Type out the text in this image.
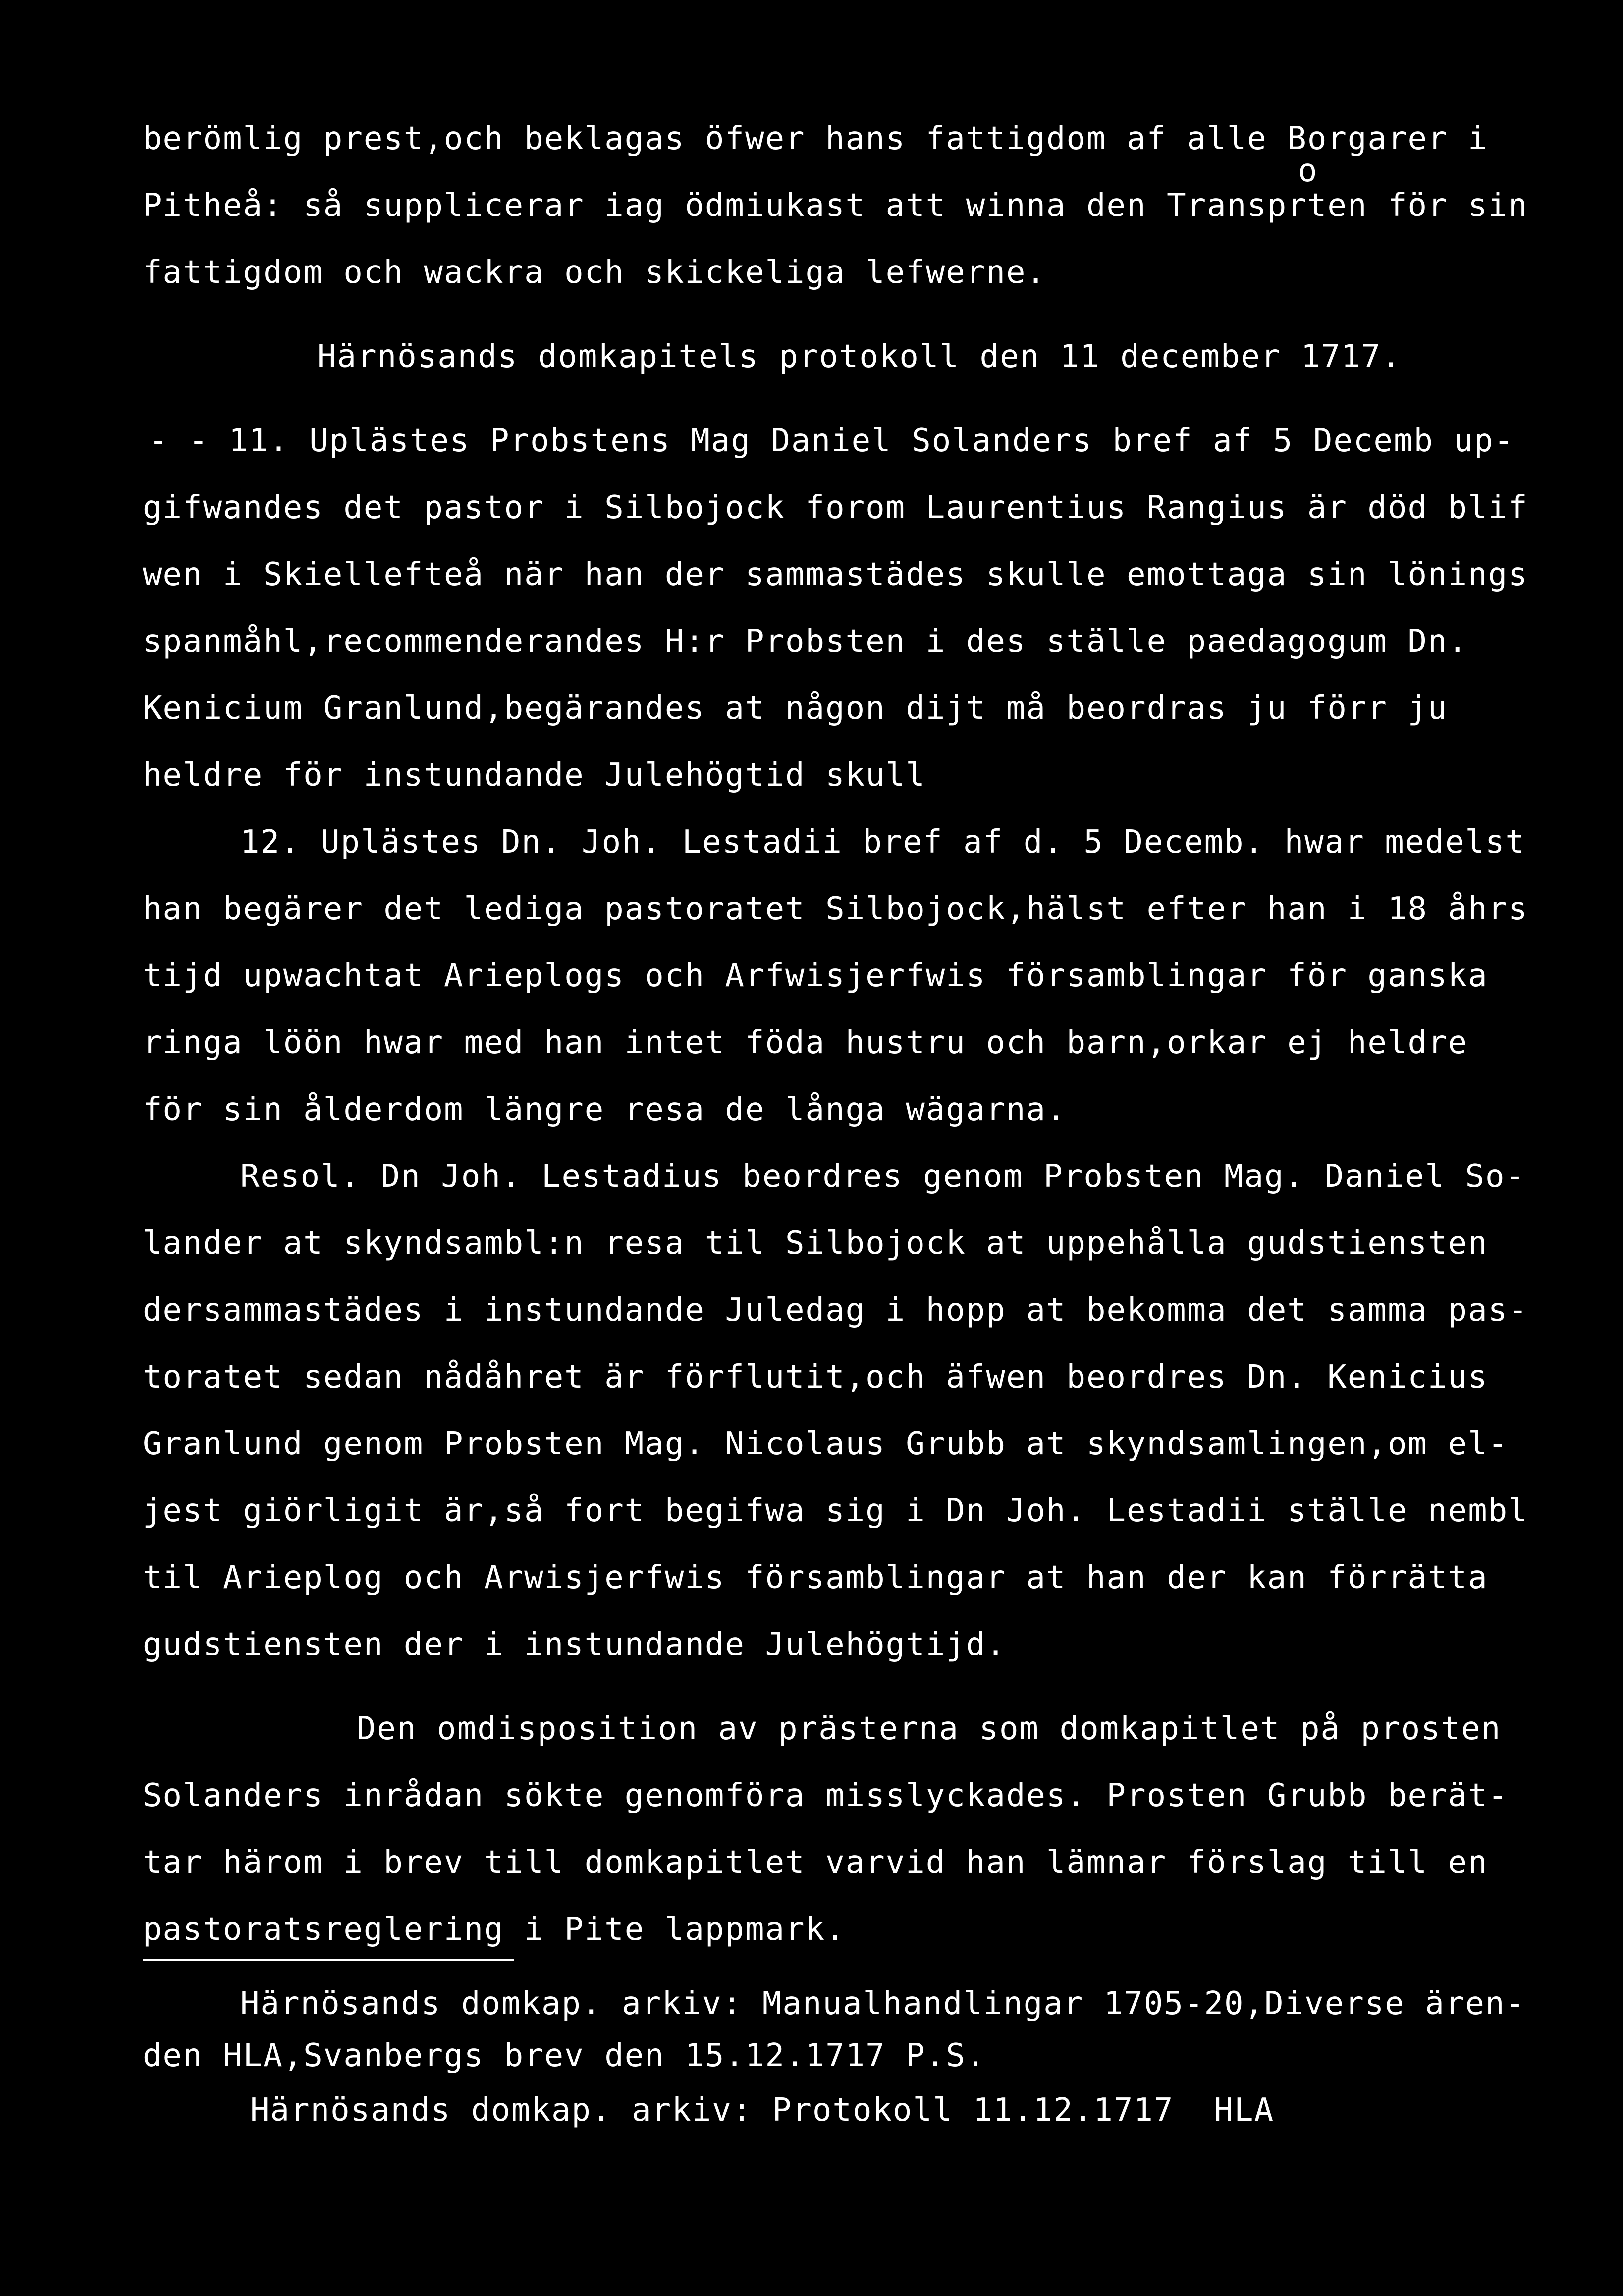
o
berömlig prest,och beklagas öfwer hans fattigdom af alle Borgarer i
Pitheå: så supplicerar iag ödmiukast att winna den Transprten för sin
fattigdom och wackra och skickeliga lefwerne.
Härnösands domkapitels protokoll den 11 december 1717.
- - 11. Uplästes Probstens Mag Daniel Solanders bref af 5 Decemb up-
gifwandes det pastor i Silbojock forom Laurentius Rangius är död blif
wen i Skiellefteå när han der sammastädes skulle emottaga sin lönings
spanmåhl,recommenderandes H:r Probsten i des ställe paedagogum Dn.
Kenicium Granlund,begärandes at någon dijt må beordras ju förr ju
heldre för instundande Julehögtid skull
12. Uplästes Dn. Joh. Lestadii bref af d. 5 Decemb. hwar medelst
han begärer det lediga pastoratet Silbojock,hälst efter han i 18 åhrs
tijd upwachtat Arieplogs och Arfwisjerfwis församblingar för ganska
ringa löön hwar med han intet föda hustru och barn,orkar ej heldre
för sin ålderdom längre resa de långa wägarna.
Resol. Dn Joh. Lestadius beordres genom Probsten Mag. Daniel So-
lander at skyndsambl:n resa til Silbojock at uppehålla gudstiensten
dersammastädes i instundande Juledag i hopp at bekomma det samma pas-
toratet sedan nådåhret är förflutit,och äfwen beordres Dn. Kenicius
Granlund genom Probsten Mag. Nicolaus Grubb at skyndsamlingen,om el-
jest giörligit är,så fort begifwa sig i Dn Joh. Lestadii ställe nembl
til Arieplog och Arwisjerfwis församblingar at han der kan förrätta
gudstiensten der i instundande Julehögtijd.
Den omdisposition av prästerna som domkapitlet på prosten
Solanders inrådan sökte genomföra misslyckades. Prosten Grubb berät-
tar härom i brev till domkapitlet varvid han lämnar förslag till en
pastoratsreglering i Pite lappmark.
Härnösands domkap. arkiv: Manualhandlingar 1705-20,Diverse ären-
den HLA,Svanbergs brev den 15.12.1717 P.S.
Härnösands domkap. arkiv: Protokoll 11.12.1717  HLA
